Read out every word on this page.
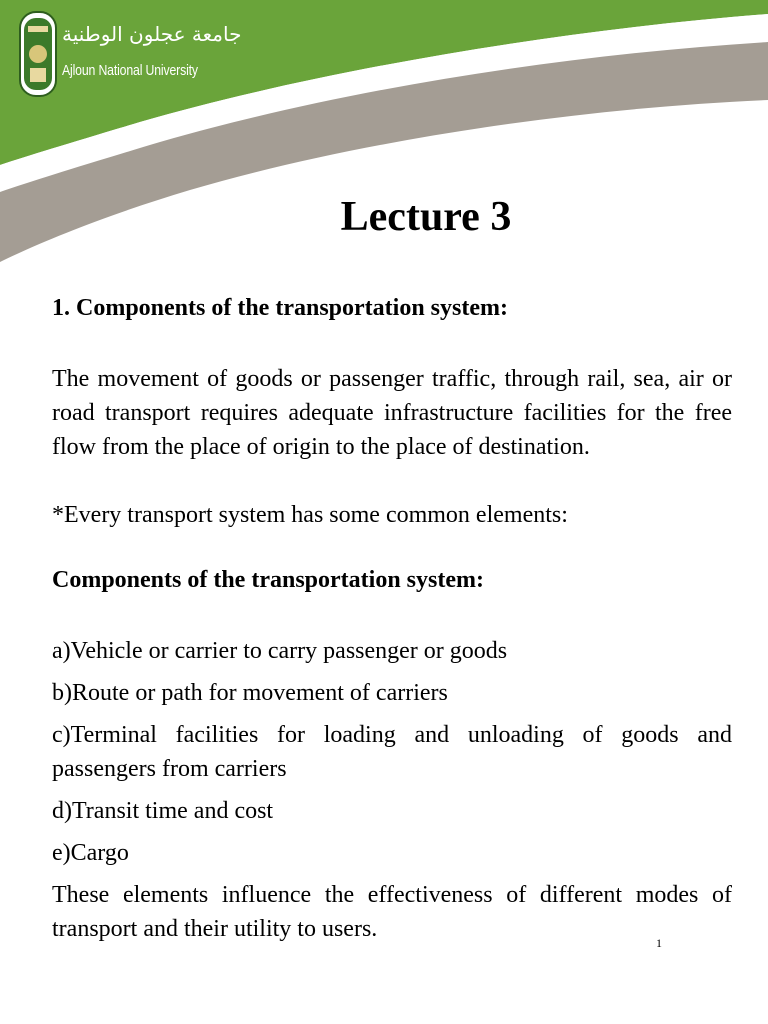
جامعة عجلون الوطنية
Ajloun National University
Lecture 3

1. Components of the transportation system:

The movement of goods or passenger traffic, through rail, sea, air or road transport requires adequate infrastructure facilities for the free flow from the place of origin to the place of destination.

*Every transport system has some common elements:

Components of the transportation system:

a)Vehicle or carrier to carry passenger or goods

b)Route or path for movement of carriers

c)Terminal facilities for loading and unloading of goods and passengers from carriers

d)Transit time and cost

e)Cargo

These elements influence the effectiveness of different modes of transport and their utility to users.

1
